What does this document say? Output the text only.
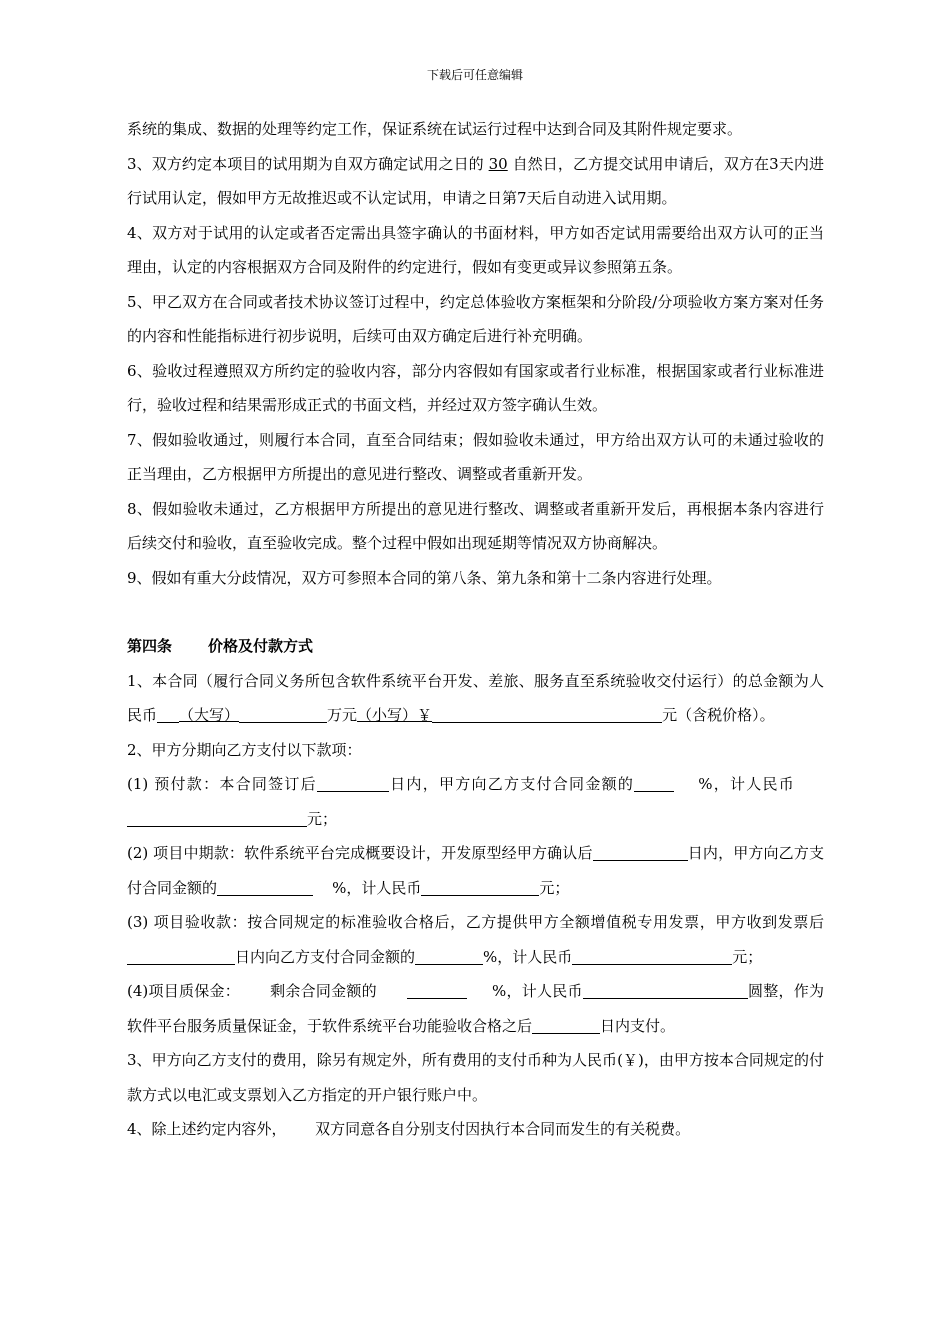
下载后可任意编辑

系统的集成、数据的处理等约定工作，保证系统在试运行过程中达到合同及其附件规定要求。

3、双方约定本项目的试用期为自双方确定试用之日的 30 自然日，乙方提交试用申请后，双方在3天内进行试用认定，假如甲方无故推迟或不认定试用，申请之日第7天后自动进入试用期。

4、双方对于试用的认定或者否定需出具签字确认的书面材料，甲方如否定试用需要给出双方认可的正当理由，认定的内容根据双方合同及附件的约定进行，假如有变更或异议参照第五条。

5、甲乙双方在合同或者技术协议签订过程中，约定总体验收方案框架和分阶段/分项验收方案方案对任务的内容和性能指标进行初步说明，后续可由双方确定后进行补充明确。

6、验收过程遵照双方所约定的验收内容，部分内容假如有国家或者行业标准，根据国家或者行业标准进行，验收过程和结果需形成正式的书面文档，并经过双方签字确认生效。

7、假如验收通过，则履行本合同，直至合同结束；假如验收未通过，甲方给出双方认可的未通过验收的正当理由，乙方根据甲方所提出的意见进行整改、调整或者重新开发。

8、假如验收未通过，乙方根据甲方所提出的意见进行整改、调整或者重新开发后，再根据本条内容进行后续交付和验收，直至验收完成。整个过程中假如出现延期等情况双方协商解决。

9、假如有重大分歧情况，双方可参照本合同的第八条、第九条和第十二条内容进行处理。

第四条 价格及付款方式

1、本合同（履行合同义务所包含软件系统平台开发、差旅、服务直至系统验收交付运行）的总金额为人民币 （大写）	万元（小写）￥	元（含税价格）。

2、甲方分期向乙方支付以下款项：

(1) 预付款：本合同签订后	日内，甲方向乙方支付合同金额的	%，计人民币     元；

(2) 项目中期款：软件系统平台完成概要设计，开发原型经甲方确认后	日内，甲方向乙方支付合同金额的	%，计人民币	元；

(3) 项目验收款：按合同规定的标准验收合格后，乙方提供甲方全额增值税专用发票，甲方收到发票后日内向乙方支付合同金额的	%，计人民币	元；

(4)项目质保金： 剩余合同金额的	%，计人民币	圆整，作为软件平台服务质量保证金，于软件系统平台功能验收合格之后	日内支付。

3、甲方向乙方支付的费用，除另有规定外，所有费用的支付币种为人民币(￥)，由甲方按本合同规定的付款方式以电汇或支票划入乙方指定的开户银行账户中。

4、除上述约定内容外， 双方同意各自分别支付因执行本合同而发生的有关税费。
